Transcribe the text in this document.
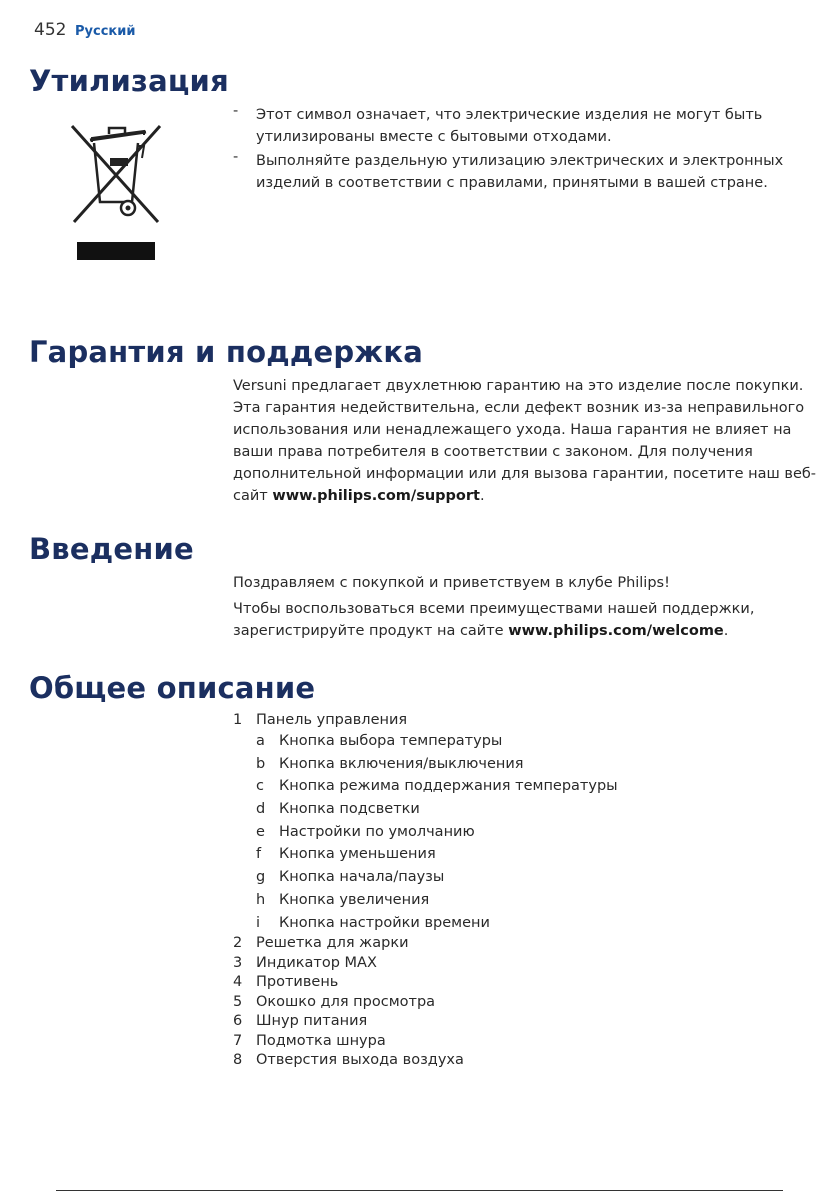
452 Русский
Утилизация
- Этот символ означает, что электрические изделия не могут быть утилизированы вместе с бытовыми отходами.
- Выполняйте раздельную утилизацию электрических и электронных изделий в соответствии с правилами, принятыми в вашей стране.
Гарантия и поддержка
Versuni предлагает двухлетнюю гарантию на это изделие после покупки. Эта гарантия недействительна, если дефект возник из-за неправильного использования или ненадлежащего ухода. Наша гарантия не влияет на ваши права потребителя в соответствии с законом. Для получения дополнительной информации или для вызова гарантии, посетите наш веб-сайт www.philips.com/support.
Введение
Поздравляем с покупкой и приветствуем в клубе Philips!
Чтобы воспользоваться всеми преимуществами нашей поддержки, зарегистрируйте продукт на сайте www.philips.com/welcome.
Общее описание
1 Панель управления
a Кнопка выбора температуры
b Кнопка включения/выключения
c Кнопка режима поддержания температуры
d Кнопка подсветки
e Настройки по умолчанию
f Кнопка уменьшения
g Кнопка начала/паузы
h Кнопка увеличения
i Кнопка настройки времени
2 Решетка для жарки
3 Индикатор MAX
4 Противень
5 Окошко для просмотра
6 Шнур питания
7 Подмотка шнура
8 Отверстия выхода воздуха
